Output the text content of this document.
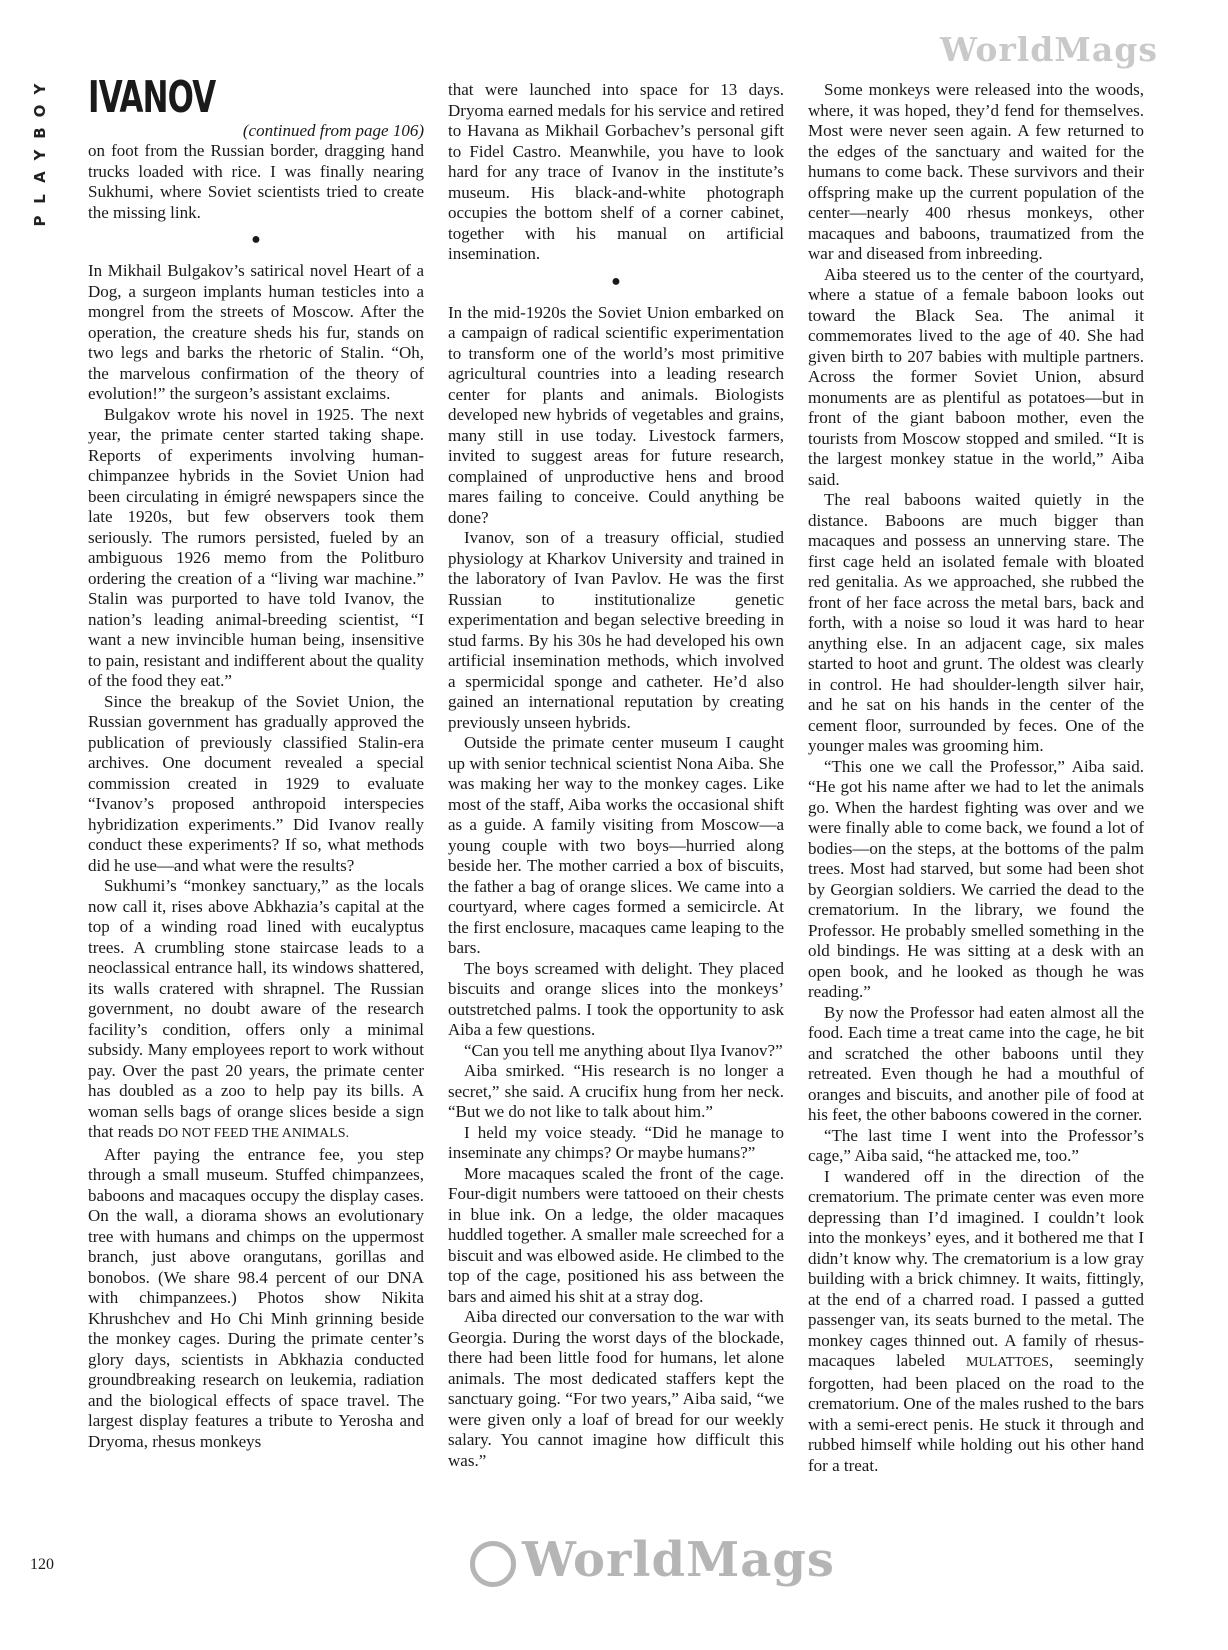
WorldMags
Y
O
B
Y
A
L
P
IVANOV
(continued from page 106)

on foot from the Russian border, dragging hand trucks loaded with rice. I was finally nearing Sukhumi, where Soviet scientists tried to create the missing link.

●

In Mikhail Bulgakov’s satirical novel Heart of a Dog, a surgeon implants human testicles into a mongrel from the streets of Moscow. After the operation, the creature sheds his fur, stands on two legs and barks the rhetoric of Stalin. “Oh, the marvelous confirmation of the theory of evolution!” the surgeon’s assistant exclaims.

Bulgakov wrote his novel in 1925. The next year, the primate center started taking shape. Reports of experiments involving human-chimpanzee hybrids in the Soviet Union had been circulating in émigré newspapers since the late 1920s, but few observers took them seriously. The rumors persisted, fueled by an ambiguous 1926 memo from the Politburo ordering the creation of a “living war machine.” Stalin was purported to have told Ivanov, the nation’s leading animal-breeding scientist, “I want a new invincible human being, insensitive to pain, resistant and indifferent about the quality of the food they eat.”

Since the breakup of the Soviet Union, the Russian government has gradually approved the publication of previously classified Stalin-era archives. One document revealed a special commission created in 1929 to evaluate “Ivanov’s proposed anthropoid interspecies hybridization experiments.” Did Ivanov really conduct these experiments? If so, what methods did he use—and what were the results?

Sukhumi’s “monkey sanctuary,” as the locals now call it, rises above Abkhazia’s capital at the top of a winding road lined with eucalyptus trees. A crumbling stone staircase leads to a neoclassical entrance hall, its windows shattered, its walls cratered with shrapnel. The Russian government, no doubt aware of the research facility’s condition, offers only a minimal subsidy. Many employees report to work without pay. Over the past 20 years, the primate center has doubled as a zoo to help pay its bills. A woman sells bags of orange slices beside a sign that reads DO NOT FEED THE ANIMALS.

After paying the entrance fee, you step through a small museum. Stuffed chimpanzees, baboons and macaques occupy the display cases. On the wall, a diorama shows an evolutionary tree with humans and chimps on the uppermost branch, just above orangutans, gorillas and bonobos. (We share 98.4 percent of our DNA with chimpanzees.) Photos show Nikita Khrushchev and Ho Chi Minh grinning beside the monkey cages. During the primate center’s glory days, scientists in Abkhazia conducted groundbreaking research on leukemia, radiation and the biological effects of space travel. The largest display features a tribute to Yerosha and Dryoma, rhesus monkeys

that were launched into space for 13 days. Dryoma earned medals for his service and retired to Havana as Mikhail Gorbachev’s personal gift to Fidel Castro. Meanwhile, you have to look hard for any trace of Ivanov in the institute’s museum. His black-and-white photograph occupies the bottom shelf of a corner cabinet, together with his manual on artificial insemination.

●

In the mid-1920s the Soviet Union embarked on a campaign of radical scientific experimentation to transform one of the world’s most primitive agricultural countries into a leading research center for plants and animals. Biologists developed new hybrids of vegetables and grains, many still in use today. Livestock farmers, invited to suggest areas for future research, complained of unproductive hens and brood mares failing to conceive. Could anything be done?

Ivanov, son of a treasury official, studied physiology at Kharkov University and trained in the laboratory of Ivan Pavlov. He was the first Russian to institutionalize genetic experimentation and began selective breeding in stud farms. By his 30s he had developed his own artificial insemination methods, which involved a spermicidal sponge and catheter. He’d also gained an international reputation by creating previously unseen hybrids.

Outside the primate center museum I caught up with senior technical scientist Nona Aiba. She was making her way to the monkey cages. Like most of the staff, Aiba works the occasional shift as a guide. A family visiting from Moscow—a young couple with two boys—hurried along beside her. The mother carried a box of biscuits, the father a bag of orange slices. We came into a courtyard, where cages formed a semicircle. At the first enclosure, macaques came leaping to the bars.

The boys screamed with delight. They placed biscuits and orange slices into the monkeys’ outstretched palms. I took the opportunity to ask Aiba a few questions.

“Can you tell me anything about Ilya Ivanov?”

Aiba smirked. “His research is no longer a secret,” she said. A crucifix hung from her neck. “But we do not like to talk about him.”

I held my voice steady. “Did he manage to inseminate any chimps? Or maybe humans?”

More macaques scaled the front of the cage. Four-digit numbers were tattooed on their chests in blue ink. On a ledge, the older macaques huddled together. A smaller male screeched for a biscuit and was elbowed aside. He climbed to the top of the cage, positioned his ass between the bars and aimed his shit at a stray dog.

Aiba directed our conversation to the war with Georgia. During the worst days of the blockade, there had been little food for humans, let alone animals. The most dedicated staffers kept the sanctuary going. “For two years,” Aiba said, “we were given only a loaf of bread for our weekly salary. You cannot imagine how difficult this was.”

Some monkeys were released into the woods, where, it was hoped, they’d fend for themselves. Most were never seen again. A few returned to the edges of the sanctuary and waited for the humans to come back. These survivors and their offspring make up the current population of the center—nearly 400 rhesus monkeys, other macaques and baboons, traumatized from the war and diseased from inbreeding.

Aiba steered us to the center of the courtyard, where a statue of a female baboon looks out toward the Black Sea. The animal it commemorates lived to the age of 40. She had given birth to 207 babies with multiple partners. Across the former Soviet Union, absurd monuments are as plentiful as potatoes—but in front of the giant baboon mother, even the tourists from Moscow stopped and smiled. “It is the largest monkey statue in the world,” Aiba said.

The real baboons waited quietly in the distance. Baboons are much bigger than macaques and possess an unnerving stare. The first cage held an isolated female with bloated red genitalia. As we approached, she rubbed the front of her face across the metal bars, back and forth, with a noise so loud it was hard to hear anything else. In an adjacent cage, six males started to hoot and grunt. The oldest was clearly in control. He had shoulder-length silver hair, and he sat on his hands in the center of the cement floor, surrounded by feces. One of the younger males was grooming him.

“This one we call the Professor,” Aiba said. “He got his name after we had to let the animals go. When the hardest fighting was over and we were finally able to come back, we found a lot of bodies—on the steps, at the bottoms of the palm trees. Most had starved, but some had been shot by Georgian soldiers. We carried the dead to the crematorium. In the library, we found the Professor. He probably smelled something in the old bindings. He was sitting at a desk with an open book, and he looked as though he was reading.”

By now the Professor had eaten almost all the food. Each time a treat came into the cage, he bit and scratched the other baboons until they retreated. Even though he had a mouthful of oranges and biscuits, and another pile of food at his feet, the other baboons cowered in the corner.

“The last time I went into the Professor’s cage,” Aiba said, “he attacked me, too.”

I wandered off in the direction of the crematorium. The primate center was even more depressing than I’d imagined. I couldn’t look into the monkeys’ eyes, and it bothered me that I didn’t know why. The crematorium is a low gray building with a brick chimney. It waits, fittingly, at the end of a charred road. I passed a gutted passenger van, its seats burned to the metal. The monkey cages thinned out. A family of rhesus-macaques labeled MULATTOES, seemingly forgotten, had been placed on the road to the crematorium. One of the males rushed to the bars with a semi-erect penis. He stuck it through and rubbed himself while holding out his other hand for a treat.

120	WorldMags
